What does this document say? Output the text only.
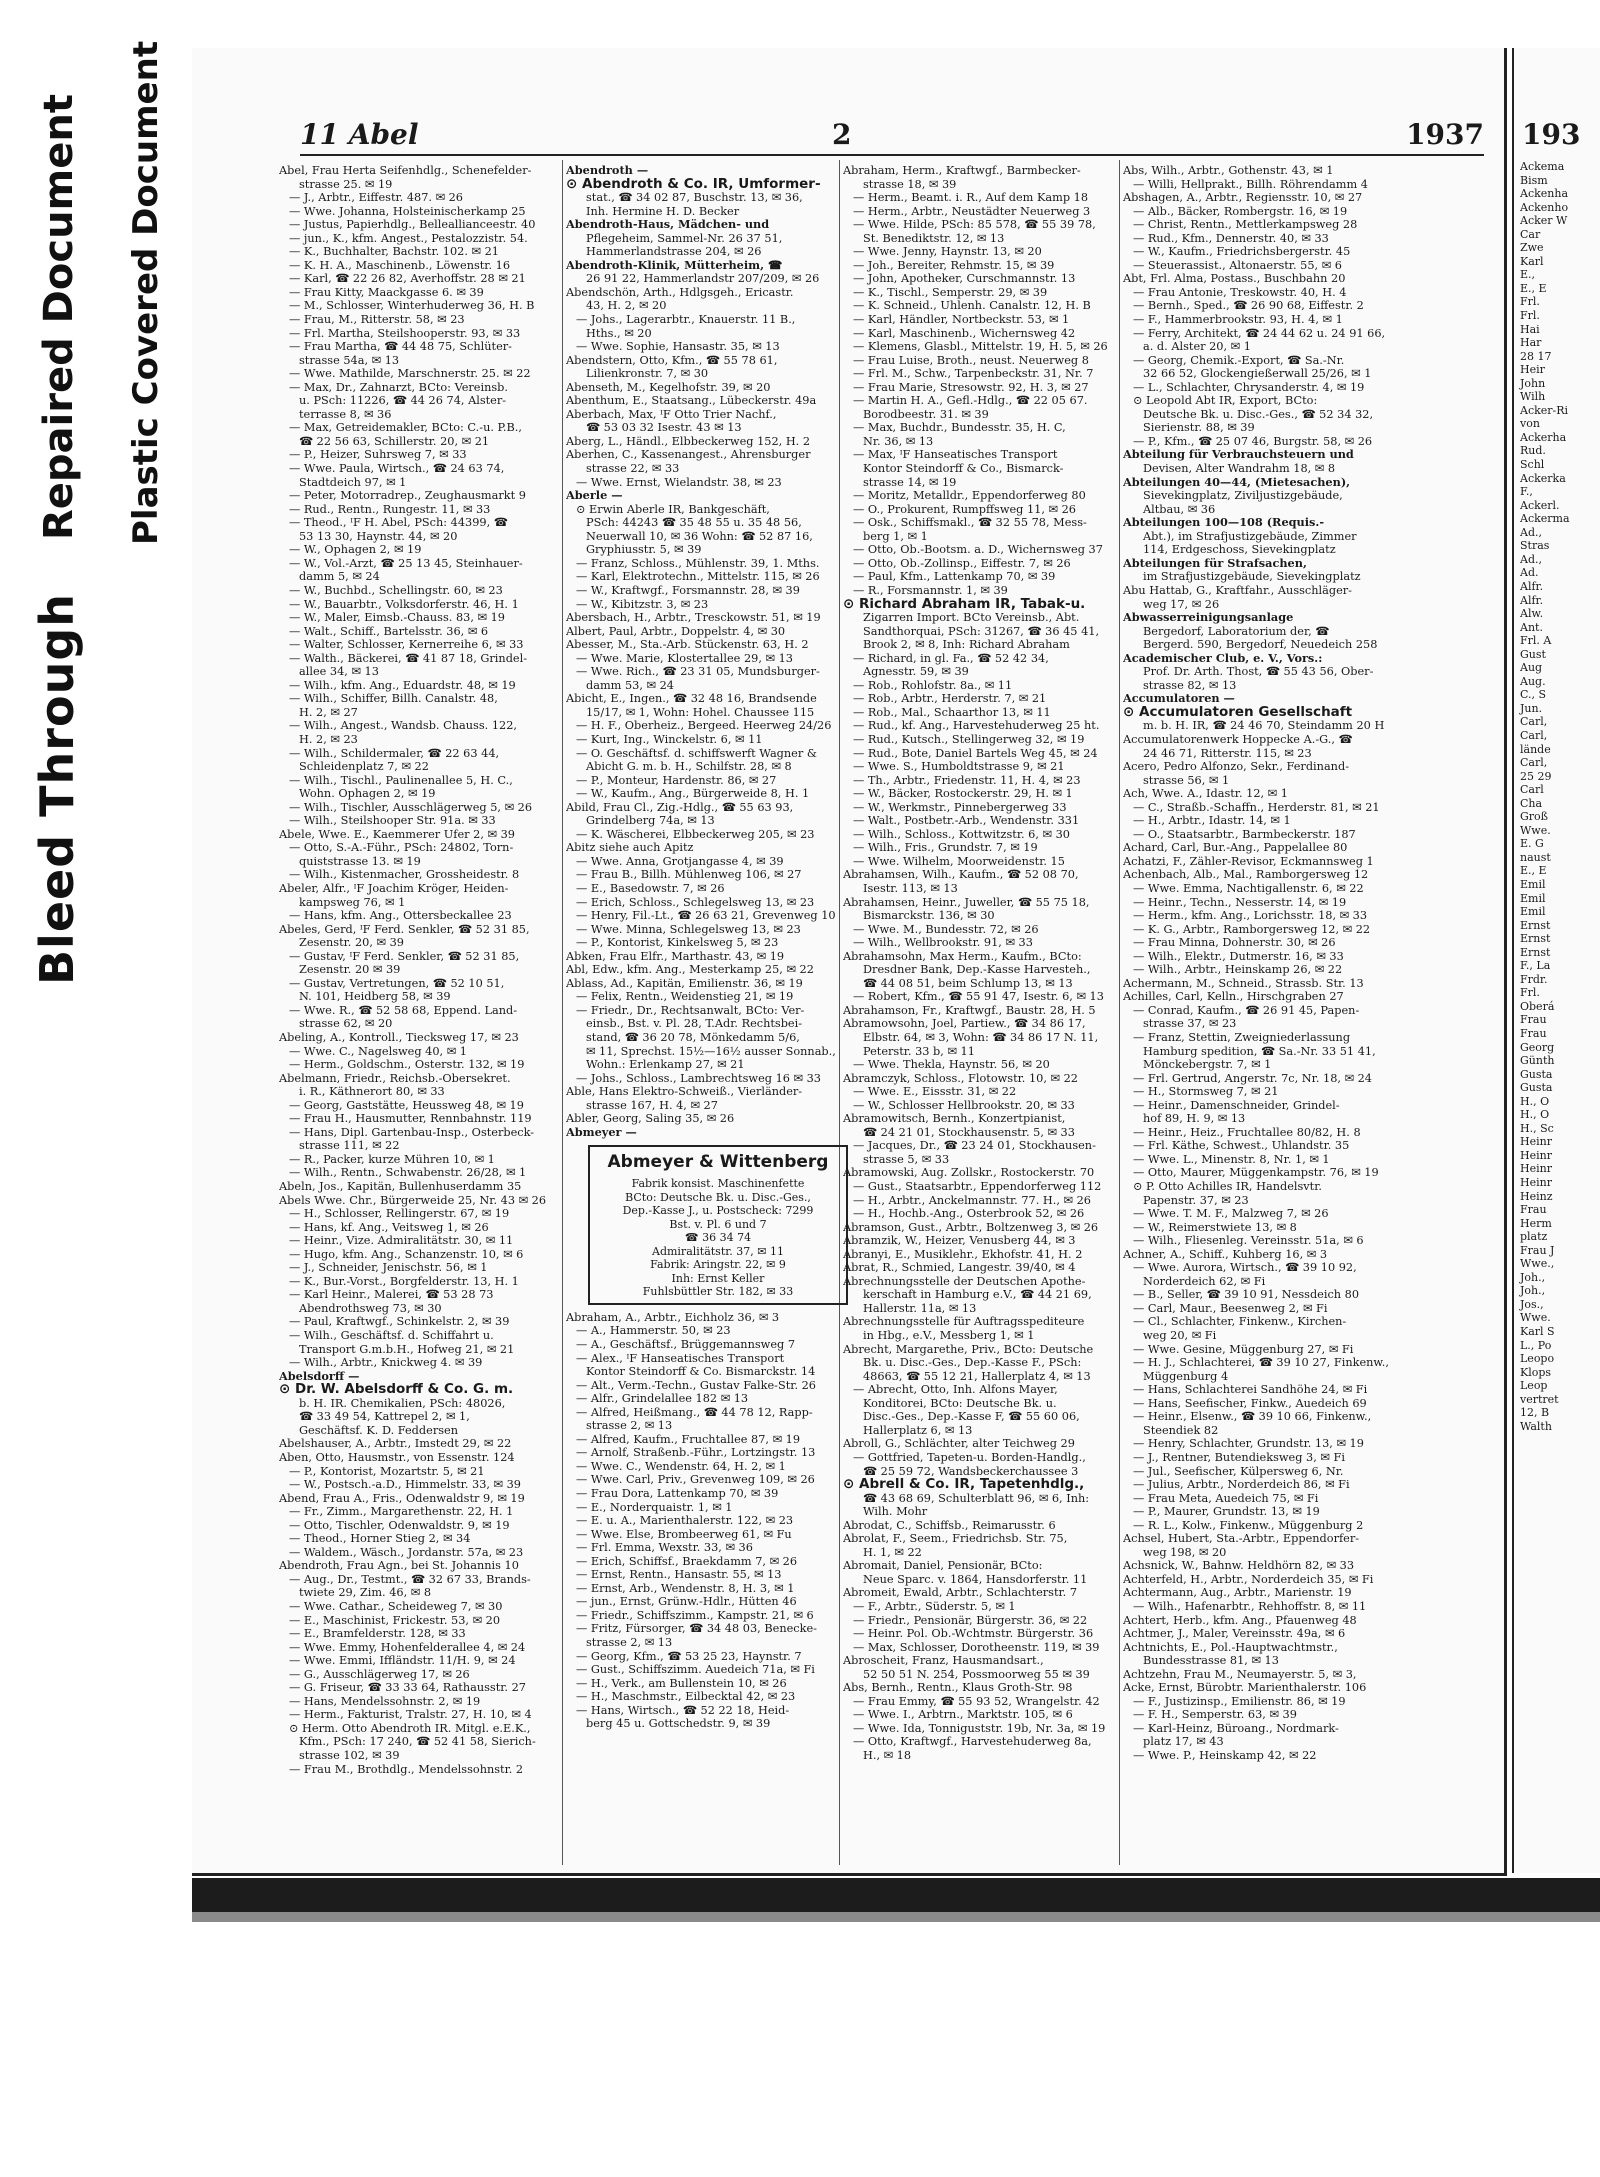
Bleed Through
Repaired Document Plastic Covered Document	193
Ackema
Bism
Ackenha
Ackenho
Acker W
Car
Zwe
Karl
E.,
E., E
Frl.
Frl.
Hai
Har
28 17
Heir
John
Wilh
Acker-Ri
von
Ackerha
Rud.
Schl
Ackerka
F.,
Ackerl.
Ackerma
Ad.,
Stras
Ad.,
Ad.
Alfr.
Alfr.
Alw.
Ant.
Frl. A
Gust
Aug
Aug.
C., S
Jun.
Carl,
Carl,
lände
Carl,
25 29
Carl
Cha
Groß
Wwe.
E. G
naust
E., E
Emil
Emil
Emil
Ernst
Ernst
Ernst
F., La
Frdr.
Frl.
Oberá
Frau
Frau
Georg
Günth
Gusta
Gusta
H., O
H., O
H., Sc
Heinr
Heinr
Heinr
Heinr
Heinz
Frau
Herm
platz
Frau J
Wwe.,
Joh.,
Joh.,
Jos.,
Wwe.
Karl S
L., Po
Leopo
Klops
Leop
vertret
12, B
Walth
11 Abel	2	1937
Abel, Frau Herta Seifenhdlg., Schenefelder-
strasse 25. ✉ 19
— J., Arbtr., Eiffestr. 487. ✉ 26
— Wwe. Johanna, Holsteinischerkamp 25
— Justus, Papierhdlg., Belleallianceestr. 40
— jun., K., kfm. Angest., Pestalozzistr. 54.
— K., Buchhalter, Bachstr. 102. ✉ 21
— K. H. A., Maschinenb., Löwenstr. 16
— Karl, ☎ 22 26 82, Averhoffstr. 28 ✉ 21
— Frau Kitty, Maackgasse 6. ✉ 39
— M., Schlosser, Winterhuderweg 36, H. B
— Frau, M., Ritterstr. 58, ✉ 23
— Frl. Martha, Steilshooperstr. 93, ✉ 33
— Frau Martha, ☎ 44 48 75, Schlüter-
strasse 54a, ✉ 13
— Wwe. Mathilde, Marschnerstr. 25. ✉ 22
— Max, Dr., Zahnarzt, BCto: Vereinsb.
u. PSch: 11226, ☎ 44 26 74, Alster-
terrasse 8, ✉ 36
— Max, Getreidemakler, BCto: C.-u. P.B.,
☎ 22 56 63, Schillerstr. 20, ✉ 21
— P., Heizer, Suhrsweg 7, ✉ 33
— Wwe. Paula, Wirtsch., ☎ 24 63 74,
Stadtdeich 97, ✉ 1
— Peter, Motorradrep., Zeughausmarkt 9
— Rud., Rentn., Rungestr. 11, ✉ 33
— Theod., ᴵF H. Abel, PSch: 44399, ☎
53 13 30, Haynstr. 44, ✉ 20
— W., Ophagen 2, ✉ 19
— W., Vol.-Arzt, ☎ 25 13 45, Steinhauer-
damm 5, ✉ 24
— W., Buchbd., Schellingstr. 60, ✉ 23
— W., Bauarbtr., Volksdorferstr. 46, H. 1
— W., Maler, Eimsb.-Chauss. 83, ✉ 19
— Walt., Schiff., Bartelsstr. 36, ✉ 6
— Walter, Schlosser, Kernerreihe 6, ✉ 33
— Walth., Bäckerei, ☎ 41 87 18, Grindel-
allee 34, ✉ 13
— Wilh., kfm. Ang., Eduardstr. 48, ✉ 19
— Wilh., Schiffer, Billh. Canalstr. 48,
H. 2, ✉ 27
— Wilh., Angest., Wandsb. Chauss. 122,
H. 2, ✉ 23
— Wilh., Schildermaler, ☎ 22 63 44,
Schleidenplatz 7, ✉ 22
— Wilh., Tischl., Paulinenallee 5, H. C.,
Wohn. Ophagen 2, ✉ 19
— Wilh., Tischler, Ausschlägerweg 5, ✉ 26
— Wilh., Steilshooper Str. 91a. ✉ 33
Abele, Wwe. E., Kaemmerer Ufer 2, ✉ 39
— Otto, S.-A.-Führ., PSch: 24802, Torn-
quiststrasse 13. ✉ 19
— Wilh., Kistenmacher, Grossheidestr. 8
Abeler, Alfr., ᴵF Joachim Kröger, Heiden-
kampsweg 76, ✉ 1
— Hans, kfm. Ang., Ottersbeckallee 23
Abeles, Gerd, ᴵF Ferd. Senkler, ☎ 52 31 85,
Zesenstr. 20, ✉ 39
— Gustav, ᴵF Ferd. Senkler, ☎ 52 31 85,
Zesenstr. 20 ✉ 39
— Gustav, Vertretungen, ☎ 52 10 51,
N. 101, Heidberg 58, ✉ 39
— Wwe. R., ☎ 52 58 68, Eppend. Land-
strasse 62, ✉ 20
Abeling, A., Kontroll., Tiecksweg 17, ✉ 23
— Wwe. C., Nagelsweg 40, ✉ 1
— Herm., Goldschm., Osterstr. 132, ✉ 19
Abelmann, Friedr., Reichsb.-Obersekret.
i. R., Käthnerort 80, ✉ 33
— Georg, Gaststätte, Heussweg 48, ✉ 19
— Frau H., Hausmutter, Rennbahnstr. 119
— Hans, Dipl. Gartenbau-Insp., Osterbeck-
strasse 111, ✉ 22
— R., Packer, kurze Mühren 10, ✉ 1
— Wilh., Rentn., Schwabenstr. 26/28, ✉ 1
Abeln, Jos., Kapitän, Bullenhuserdamm 35
Abels Wwe. Chr., Bürgerweide 25, Nr. 43 ✉ 26
— H., Schlosser, Rellingerstr. 67, ✉ 19
— Hans, kf. Ang., Veitsweg 1, ✉ 26
— Heinr., Vize. Admiralitätstr. 30, ✉ 11
— Hugo, kfm. Ang., Schanzenstr. 10, ✉ 6
— J., Schneider, Jenischstr. 56, ✉ 1
— K., Bur.-Vorst., Borgfelderstr. 13, H. 1
— Karl Heinr., Malerei, ☎ 53 28 73
Abendrothsweg 73, ✉ 30
— Paul, Kraftwgf., Schinkelstr. 2, ✉ 39
— Wilh., Geschäftsf. d. Schiffahrt u.
Transport G.m.b.H., Hofweg 21, ✉ 21
— Wilh., Arbtr., Knickweg 4. ✉ 39
Abelsdorff —
⊙ Dr. W. Abelsdorff & Co. G. m.
b. H. IR. Chemikalien, PSch: 48026,
☎ 33 49 54, Kattrepel 2, ✉ 1,
Geschäftsf. K. D. Feddersen
Abelshauser, A., Arbtr., Imstedt 29, ✉ 22
Aben, Otto, Hausmstr., von Essenstr. 124
— P., Kontorist, Mozartstr. 5, ✉ 21
— W., Postsch.-a.D., Himmelstr. 33, ✉ 39
Abend, Frau A., Fris., Odenwaldstr 9, ✉ 19
— Fr., Zimm., Margarethenstr. 22, H. 1
— Otto, Tischler, Odenwaldstr. 9, ✉ 19
— Theod., Horner Stieg 2, ✉ 34
— Waldem., Wäsch., Jordanstr. 57a, ✉ 23
Abendroth, Frau Agn., bei St. Johannis 10
— Aug., Dr., Testmt., ☎ 32 67 33, Brands-
twiete 29, Zim. 46, ✉ 8
— Wwe. Cathar., Scheideweg 7, ✉ 30
— E., Maschinist, Frickestr. 53, ✉ 20
— E., Bramfelderstr. 128, ✉ 33
— Wwe. Emmy, Hohenfelderallee 4, ✉ 24
— Wwe. Emmi, Iffländstr. 11/H. 9, ✉ 24
— G., Ausschlägerweg 17, ✉ 26
— G. Friseur, ☎ 33 33 64, Rathausstr. 27
— Hans, Mendelssohnstr. 2, ✉ 19
— Herm., Fakturist, Tralstr. 27, H. 10, ✉ 4
⊙ Herm. Otto Abendroth IR. Mitgl. e.E.K.,
Kfm., PSch: 17 240, ☎ 52 41 58, Sierich-
strasse 102, ✉ 39
— Frau M., Brothdlg., Mendelssohnstr. 2
Abendroth —
⊙ Abendroth & Co. IR, Umformer-
stat., ☎ 34 02 87, Buschstr. 13, ✉ 36,
Inh. Hermine H. D. Becker
Abendroth-Haus, Mädchen- und
Pflegeheim, Sammel-Nr. 26 37 51,
Hammerlandstrasse 204, ✉ 26
Abendroth-Klinik, Mütterheim, ☎
26 91 22, Hammerlandstr 207/209, ✉ 26
Abendschön, Arth., Hdlgsgeh., Ericastr.
43, H. 2, ✉ 20
— Johs., Lagerarbtr., Knauerstr. 11 B.,
Hths., ✉ 20
— Wwe. Sophie, Hansastr. 35, ✉ 13
Abendstern, Otto, Kfm., ☎ 55 78 61,
Lilienkronstr. 7, ✉ 30
Abenseth, M., Kegelhofstr. 39, ✉ 20
Abenthum, E., Staatsang., Lübeckerstr. 49a
Aberbach, Max, ᴵF Otto Trier Nachf.,
☎ 53 03 32 Isestr. 43 ✉ 13
Aberg, L., Händl., Elbbeckerweg 152, H. 2
Aberhen, C., Kassenangest., Ahrensburger
strasse 22, ✉ 33
— Wwe. Ernst, Wielandstr. 38, ✉ 23
Aberle —
⊙ Erwin Aberle IR, Bankgeschäft,
PSch: 44243 ☎ 35 48 55 u. 35 48 56,
Neuerwall 10, ✉ 36 Wohn: ☎ 52 87 16,
Gryphiusstr. 5, ✉ 39
— Franz, Schloss., Mühlenstr. 39, 1. Mths.
— Karl, Elektrotechn., Mittelstr. 115, ✉ 26
— W., Kraftwgf., Forsmannstr. 28, ✉ 39
— W., Kibitzstr. 3, ✉ 23
Abersbach, H., Arbtr., Tresckowstr. 51, ✉ 19
Albert, Paul, Arbtr., Doppelstr. 4, ✉ 30
Abesser, M., Sta.-Arb. Stückenstr. 63, H. 2
— Wwe. Marie, Klostertallee 29, ✉ 13
— Wwe. Rich., ☎ 23 31 05, Mundsburger-
damm 53, ✉ 24
Abicht, E., Ingen., ☎ 32 48 16, Brandsende
15/17, ✉ 1, Wohn: Hohel. Chaussee 115
— H. F., Oberheiz., Bergeed. Heerweg 24/26
— Kurt, Ing., Winckelstr. 6, ✉ 11
— O. Geschäftsf. d. schiffswerft Wagner &
Abicht G. m. b. H., Schilfstr. 28, ✉ 8
— P., Monteur, Hardenstr. 86, ✉ 27
— W., Kaufm., Ang., Bürgerweide 8, H. 1
Abild, Frau Cl., Zig.-Hdlg., ☎ 55 63 93,
Grindelberg 74a, ✉ 13
— K. Wäscherei, Elbbeckerweg 205, ✉ 23
Abitz siehe auch Apitz
— Wwe. Anna, Grotjangasse 4, ✉ 39
— Frau B., Billh. Mühlenweg 106, ✉ 27
— E., Basedowstr. 7, ✉ 26
— Erich, Schloss., Schlegelsweg 13, ✉ 23
— Henry, Fil.-Lt., ☎ 26 63 21, Grevenweg 10
— Wwe. Minna, Schlegelsweg 13, ✉ 23
— P., Kontorist, Kinkelsweg 5, ✉ 23
Abken, Frau Elfr., Marthastr. 43, ✉ 19
Abl, Edw., kfm. Ang., Mesterkamp 25, ✉ 22
Ablass, Ad., Kapitän, Emilienstr. 36, ✉ 19
— Felix, Rentn., Weidenstieg 21, ✉ 19
— Friedr., Dr., Rechtsanwalt, BCto: Ver-
einsb., Bst. v. Pl. 28, T.Adr. Rechtsbei-
stand, ☎ 36 20 78, Mönkedamm 5/6,
✉ 11, Sprechst. 15½—16½ ausser Sonnab.,
Wohn.: Erlenkamp 27, ✉ 21
— Johs., Schloss., Lambrechtsweg 16 ✉ 33
Able, Hans Elektro-Schweiß., Vierländer-
strasse 167, H. 4, ✉ 27
Abler, Georg, Saling 35, ✉ 26
Abmeyer —
Abmeyer & Wittenberg
Fabrik konsist. Maschinenfette
BCto: Deutsche Bk. u. Disc.-Ges.,
Dep.-Kasse J., u. Postscheck: 7299
Bst. v. Pl. 6 und 7
☎ 36 34 74
Admiralitätstr. 37, ✉ 11
Fabrik: Aringstr. 22, ✉ 9
Inh: Ernst Keller
Fuhlsbüttler Str. 182, ✉ 33
Abraham, A., Arbtr., Eichholz 36, ✉ 3
— A., Hammerstr. 50, ✉ 23
— A., Geschäftsf., Brüggemannsweg 7
— Alex., ᴵF Hanseatisches Transport
Kontor Steindorff & Co. Bismarckstr. 14
— Alt., Verm.-Techn., Gustav Falke-Str. 26
— Alfr., Grindelallee 182 ✉ 13
— Alfred, Heißmang., ☎ 44 78 12, Rapp-
strasse 2, ✉ 13
— Alfred, Kaufm., Fruchtallee 87, ✉ 19
— Arnolf, Straßenb.-Führ., Lortzingstr. 13
— Wwe. C., Wendenstr. 64, H. 2, ✉ 1
— Wwe. Carl, Priv., Grevenweg 109, ✉ 26
— Frau Dora, Lattenkamp 70, ✉ 39
— E., Norderquaistr. 1, ✉ 1
— E. u. A., Marienthalerstr. 122, ✉ 23
— Wwe. Else, Brombeerweg 61, ✉ Fu
— Frl. Emma, Wexstr. 33, ✉ 36
— Erich, Schiffsf., Braekdamm 7, ✉ 26
— Ernst, Rentn., Hansastr. 55, ✉ 13
— Ernst, Arb., Wendenstr. 8, H. 3, ✉ 1
— jun., Ernst, Grünw.-Hdlr., Hütten 46
— Friedr., Schiffszimm., Kampstr. 21, ✉ 6
— Fritz, Fürsorger, ☎ 34 48 03, Benecke-
strasse 2, ✉ 13
— Georg, Kfm., ☎ 53 25 23, Haynstr. 7
— Gust., Schiffszimm. Auedeich 71a, ✉ Fi
— H., Verk., am Bullenstein 10, ✉ 26
— H., Maschmstr., Eilbecktal 42, ✉ 23
— Hans, Wirtsch., ☎ 52 22 18, Heid-
berg 45 u. Gottschedstr. 9, ✉ 39
Abraham, Herm., Kraftwgf., Barmbecker-
strasse 18, ✉ 39
— Herm., Beamt. i. R., Auf dem Kamp 18
— Herm., Arbtr., Neustädter Neuerweg 3
— Wwe. Hilde, PSch: 85 578, ☎ 55 39 78,
St. Benediktstr. 12, ✉ 13
— Wwe. Jenny, Haynstr. 13, ✉ 20
— Joh., Bereiter, Rehmstr. 15, ✉ 39
— John, Apotheker, Curschmannstr. 13
— K., Tischl., Semperstr. 29, ✉ 39
— K. Schneid., Uhlenh. Canalstr. 12, H. B
— Karl, Händler, Nortbeckstr. 53, ✉ 1
— Karl, Maschinenb., Wichernsweg 42
— Klemens, Glasbl., Mittelstr. 19, H. 5, ✉ 26
— Frau Luise, Broth., neust. Neuerweg 8
— Frl. M., Schw., Tarpenbeckstr. 31, Nr. 7
— Frau Marie, Stresowstr. 92, H. 3, ✉ 27
— Martin H. A., Gefl.-Hdlg., ☎ 22 05 67.
Borodbeestr. 31. ✉ 39
— Max, Buchdr., Bundesstr. 35, H. C,
Nr. 36, ✉ 13
— Max, ᴵF Hanseatisches Transport
Kontor Steindorff & Co., Bismarck-
strasse 14, ✉ 19
— Moritz, Metalldr., Eppendorferweg 80
— O., Prokurent, Rumpffsweg 11, ✉ 26
— Osk., Schiffsmakl., ☎ 32 55 78, Mess-
berg 1, ✉ 1
— Otto, Ob.-Bootsm. a. D., Wichernsweg 37
— Otto, Ob.-Zollinsp., Eiffestr. 7, ✉ 26
— Paul, Kfm., Lattenkamp 70, ✉ 39
— R., Forsmannstr. 1, ✉ 39
⊙ Richard Abraham IR, Tabak-u.
Zigarren Import. BCto Vereinsb., Abt.
Sandthorquai, PSch: 31267, ☎ 36 45 41,
Brook 2, ✉ 8, Inh: Richard Abraham
— Richard, in gl. Fa., ☎ 52 42 34,
Agnesstr. 59, ✉ 39
— Rob., Rohlofstr. 8a., ✉ 11
— Rob., Arbtr., Herderstr. 7, ✉ 21
— Rob., Mal., Schaarthor 13, ✉ 11
— Rud., kf. Ang., Harvestehuderweg 25 ht.
— Rud., Kutsch., Stellingerweg 32, ✉ 19
— Rud., Bote, Daniel Bartels Weg 45, ✉ 24
— Wwe. S., Humboldtstrasse 9, ✉ 21
— Th., Arbtr., Friedenstr. 11, H. 4, ✉ 23
— W., Bäcker, Rostockerstr. 29, H. ✉ 1
— W., Werkmstr., Pinnebergerweg 33
— Walt., Postbetr.-Arb., Wendenstr. 331
— Wilh., Schloss., Kottwitzstr. 6, ✉ 30
— Wilh., Fris., Grundstr. 7, ✉ 19
— Wwe. Wilhelm, Moorweidenstr. 15
Abrahamsen, Wilh., Kaufm., ☎ 52 08 70,
Isestr. 113, ✉ 13
Abrahamsen, Heinr., Juweller, ☎ 55 75 18,
Bismarckstr. 136, ✉ 30
— Wwe. M., Bundesstr. 72, ✉ 26
— Wilh., Wellbrookstr. 91, ✉ 33
Abrahamsohn, Max Herm., Kaufm., BCto:
Dresdner Bank, Dep.-Kasse Harvesteh.,
☎ 44 08 51, beim Schlump 13, ✉ 13
— Robert, Kfm., ☎ 55 91 47, Isestr. 6, ✉ 13
Abrahamson, Fr., Kraftwgf., Baustr. 28, H. 5
Abramowsohn, Joel, Partiew., ☎ 34 86 17,
Elbstr. 64, ✉ 3, Wohn: ☎ 34 86 17 N. 11,
Peterstr. 33 b, ✉ 11
— Wwe. Thekla, Haynstr. 56, ✉ 20
Abramczyk, Schloss., Flotowstr. 10, ✉ 22
— Wwe. E., Eissstr. 31, ✉ 22
— W., Schlosser Hellbrookstr. 20, ✉ 33
Abramowitsch, Bernh., Konzertpianist,
☎ 24 21 01, Stockhausenstr. 5, ✉ 33
— Jacques, Dr., ☎ 23 24 01, Stockhausen-
strasse 5, ✉ 33
Abramowski, Aug. Zollskr., Rostockerstr. 70
— Gust., Staatsarbtr., Eppendorferweg 112
— H., Arbtr., Anckelmannstr. 77. H., ✉ 26
— H., Hochb.-Ang., Osterbrook 52, ✉ 26
Abramson, Gust., Arbtr., Boltzenweg 3, ✉ 26
Abramzik, W., Heizer, Venusberg 44, ✉ 3
Abranyi, E., Musiklehr., Ekhofstr. 41, H. 2
Abrat, R., Schmied, Langestr. 39/40, ✉ 4
Abrechnungsstelle der Deutschen Apothe-
kerschaft in Hamburg e.V., ☎ 44 21 69,
Hallerstr. 11a, ✉ 13
Abrechnungsstelle für Auftragsspediteure
in Hbg., e.V., Messberg 1, ✉ 1
Abrecht, Margarethe, Priv., BCto: Deutsche
Bk. u. Disc.-Ges., Dep.-Kasse F., PSch:
48663, ☎ 55 12 21, Hallerplatz 4, ✉ 13
— Abrecht, Otto, Inh. Alfons Mayer,
Konditorei, BCto: Deutsche Bk. u.
Disc.-Ges., Dep.-Kasse F, ☎ 55 60 06,
Hallerplatz 6, ✉ 13
Abroll, G., Schlächter, alter Teichweg 29
— Gottfried, Tapeten-u. Borden-Handlg.,
☎ 25 59 72, Wandsbeckerchaussee 3
⊙ Abrell & Co. IR, Tapetenhdlg.,
☎ 43 68 69, Schulterblatt 96, ✉ 6, Inh:
Wilh. Mohr
Abrodat, C., Schiffsb., Reimarusstr. 6
Abrolat, F., Seem., Friedrichsb. Str. 75,
H. 1, ✉ 22
Abromait, Daniel, Pensionär, BCto:
Neue Sparc. v. 1864, Hansdorferstr. 11
Abromeit, Ewald, Arbtr., Schlachterstr. 7
— F., Arbtr., Süderstr. 5, ✉ 1
— Friedr., Pensionär, Bürgerstr. 36, ✉ 22
— Heinr. Pol. Ob.-Wchtmstr. Bürgerstr. 36
— Max, Schlosser, Dorotheenstr. 119, ✉ 39
Abroscheit, Franz, Hausmandsart.,
52 50 51 N. 254, Possmoorweg 55 ✉ 39
Abs, Bernh., Rentn., Klaus Groth-Str. 98
— Frau Emmy, ☎ 55 93 52, Wrangelstr. 42
— Wwe. I., Arbtrn., Marktstr. 105, ✉ 6
— Wwe. Ida, Tonniguststr. 19b, Nr. 3a, ✉ 19
— Otto, Kraftwgf., Harvestehuderweg 8a,
H., ✉ 18
Abs, Wilh., Arbtr., Gothenstr. 43, ✉ 1
— Willi, Hellprakt., Billh. Röhrendamm 4
Abshagen, A., Arbtr., Regiensstr. 10, ✉ 27
— Alb., Bäcker, Rombergstr. 16, ✉ 19
— Christ, Rentn., Mettlerkampsweg 28
— Rud., Kfm., Dennerstr. 40, ✉ 33
— W., Kaufm., Friedrichsbergerstr. 45
— Steuerassist., Altonaerstr. 55, ✉ 6
Abt, Frl. Alma, Postass., Buschbahn 20
— Frau Antonie, Treskowstr. 40, H. 4
— Bernh., Sped., ☎ 26 90 68, Eiffestr. 2
— F., Hammerbrookstr. 93, H. 4, ✉ 1
— Ferry, Architekt, ☎ 24 44 62 u. 24 91 66,
a. d. Alster 20, ✉ 1
— Georg, Chemik.-Export, ☎ Sa.-Nr.
32 66 52, Glockengießerwall 25/26, ✉ 1
— L., Schlachter, Chrysanderstr. 4, ✉ 19
⊙ Leopold Abt IR, Export, BCto:
Deutsche Bk. u. Disc.-Ges., ☎ 52 34 32,
Sierienstr. 88, ✉ 39
— P., Kfm., ☎ 25 07 46, Burgstr. 58, ✉ 26
Abteilung für Verbrauchsteuern und
Devisen, Alter Wandrahm 18, ✉ 8
Abteilungen 40—44, (Mietesachen),
Sievekingplatz, Ziviljustizgebäude,
Altbau, ✉ 36
Abteilungen 100—108 (Requis.-
Abt.), im Strafjustizgebäude, Zimmer
114, Erdgeschoss, Sievekingplatz
Abteilungen für Strafsachen,
im Strafjustizgebäude, Sievekingplatz
Abu Hattab, G., Kraftfahr., Ausschläger-
weg 17, ✉ 26
Abwasserreinigungsanlage
Bergedorf, Laboratorium der, ☎
Bergerd. 590, Bergedorf, Neuedeich 258
Academischer Club, e. V., Vors.:
Prof. Dr. Arth. Thost, ☎ 55 43 56, Ober-
strasse 82, ✉ 13
Accumulatoren —
⊙ Accumulatoren Gesellschaft
m. b. H. IR, ☎ 24 46 70, Steindamm 20 H
Accumulatorenwerk Hoppecke A.-G., ☎
24 46 71, Ritterstr. 115, ✉ 23
Acero, Pedro Alfonzo, Sekr., Ferdinand-
strasse 56, ✉ 1
Ach, Wwe. A., Idastr. 12, ✉ 1
— C., Straßb.-Schaffn., Herderstr. 81, ✉ 21
— H., Arbtr., Idastr. 14, ✉ 1
— O., Staatsarbtr., Barmbeckerstr. 187
Achard, Carl, Bur.-Ang., Pappelallee 80
Achatzi, F., Zähler-Revisor, Eckmannsweg 1
Achenbach, Alb., Mal., Ramborgersweg 12
— Wwe. Emma, Nachtigallenstr. 6, ✉ 22
— Heinr., Techn., Nesserstr. 14, ✉ 19
— Herm., kfm. Ang., Lorichsstr. 18, ✉ 33
— K. G., Arbtr., Ramborgersweg 12, ✉ 22
— Frau Minna, Dohnerstr. 30, ✉ 26
— Wilh., Elektr., Dutmerstr. 16, ✉ 33
— Wilh., Arbtr., Heinskamp 26, ✉ 22
Achermann, M., Schneid., Strassb. Str. 13
Achilles, Carl, Kelln., Hirschgraben 27
— Conrad, Kaufm., ☎ 26 91 45, Papen-
strasse 37, ✉ 23
— Franz, Stettin, Zweigniederlassung
Hamburg spedition, ☎ Sa.-Nr. 33 51 41,
Mönckebergstr. 7, ✉ 1
— Frl. Gertrud, Angerstr. 7c, Nr. 18, ✉ 24
— H., Stormsweg 7, ✉ 21
— Heinr., Damenschneider, Grindel-
hof 89, H. 9, ✉ 13
— Heinr., Heiz., Fruchtallee 80/82, H. 8
— Frl. Käthe, Schwest., Uhlandstr. 35
— Wwe. L., Minenstr. 8, Nr. 1, ✉ 1
— Otto, Maurer, Müggenkampstr. 76, ✉ 19
⊙ P. Otto Achilles IR, Handelsvtr.
Papenstr. 37, ✉ 23
— Wwe. T. M. F., Malzweg 7, ✉ 26
— W., Reimerstwiete 13, ✉ 8
— Wilh., Fliesenleg. Vereinsstr. 51a, ✉ 6
Achner, A., Schiff., Kuhberg 16, ✉ 3
— Wwe. Aurora, Wirtsch., ☎ 39 10 92,
Norderdeich 62, ✉ Fi
— B., Seller, ☎ 39 10 91, Nessdeich 80
— Carl, Maur., Beesenweg 2, ✉ Fi
— Cl., Schlachter, Finkenw., Kirchen-
weg 20, ✉ Fi
— Wwe. Gesine, Müggenburg 27, ✉ Fi
— H. J., Schlachterei, ☎ 39 10 27, Finkenw.,
Müggenburg 4
— Hans, Schlachterei Sandhöhe 24, ✉ Fi
— Hans, Seefischer, Finkw., Auedeich 69
— Heinr., Elsenw., ☎ 39 10 66, Finkenw.,
Steendiek 82
— Henry, Schlachter, Grundstr. 13, ✉ 19
— J., Rentner, Butendieksweg 3, ✉ Fi
— Jul., Seefischer, Külpersweg 6, Nr.
— Julius, Arbtr., Norderdeich 86, ✉ Fi
— Frau Meta, Auedeich 75, ✉ Fi
— P., Maurer, Grundstr. 13, ✉ 19
— R. L., Kolw., Finkenw., Müggenburg 2
Achsel, Hubert, Sta.-Arbtr., Eppendorfer-
weg 198, ✉ 20
Achsnick, W., Bahnw. Heldhörn 82, ✉ 33
Achterfeld, H., Arbtr., Norderdeich 35, ✉ Fi
Achtermann, Aug., Arbtr., Marienstr. 19
— Wilh., Hafenarbtr., Rehhoffstr. 8, ✉ 11
Achtert, Herb., kfm. Ang., Pfauenweg 48
Achtmer, J., Maler, Vereinsstr. 49a, ✉ 6
Achtnichts, E., Pol.-Hauptwachtmstr.,
Bundesstrasse 81, ✉ 13
Achtzehn, Frau M., Neumayerstr. 5, ✉ 3,
Acke, Ernst, Bürobtr. Marienthalerstr. 106
— F., Justizinsp., Emilienstr. 86, ✉ 19
— F. H., Semperstr. 63, ✉ 39
— Karl-Heinz, Büroang., Nordmark-
platz 17, ✉ 43
— Wwe. P., Heinskamp 42, ✉ 22
